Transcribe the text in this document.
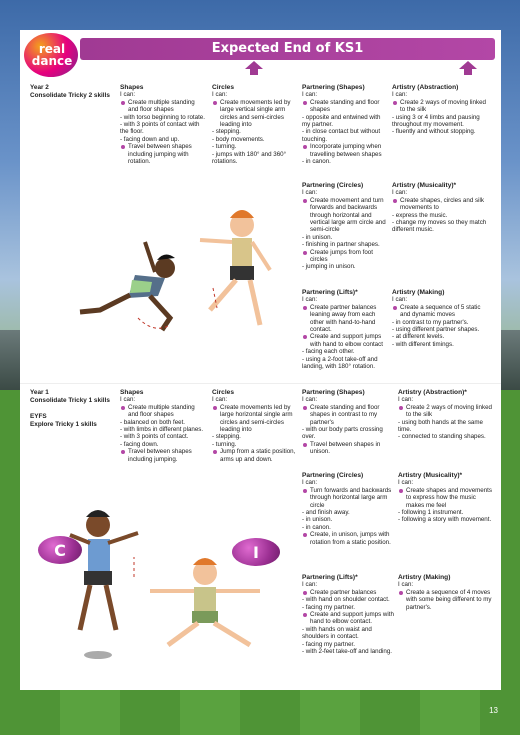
real
dance
Expected End of KS1
Year 2
Consolidate Tricky 2 skills
Shapes
I can:
Create multiple standing and floor shapes
- with torso beginning to rotate.
- with 3 points of contact with the floor.
- facing down and up.
Travel between shapes including jumping with rotation.
Circles
I can:
Create movements led by large vertical single arm circles and semi-circles leading into
- stepping.
- body movements.
- turning.
- jumps with 180° and 360° rotations.
Partnering (Shapes)
I can:
Create standing and floor shapes
- opposite and entwined with my partner.
- in close contact but without touching.
Incorporate jumping when travelling between shapes
- in canon.
Artistry (Abstraction)
I can:
Create 2 ways of moving linked to the silk
- using 3 or 4 limbs and pausing throughout my movement.
- fluently and without stopping.
Partnering (Circles)
I can:
Create movement and turn forwards and backwards through horizontal and vertical large arm circle and semi-circle
- in unison.
- finishing in partner shapes.
Create jumps from foot circles
- jumping in unison.
Artistry (Musicality)*
I can:
Create shapes, circles and silk movements to
- express the music.
- change my moves so they match different music.
Partnering (Lifts)*
I can:
Create partner balances leaning away from each other with hand-to-hand contact.
Create and support jumps with hand to elbow contact
- facing each other.
- using a 2-foot take-off and landing, with 180° rotation.
Artistry (Making)
I can:
Create a sequence of 5 static and dynamic moves
- in contrast to my partner's.
- using different partner shapes.
- at different levels.
- with different timings.
Year 1
Consolidate Tricky 1 skills
EYFS
Explore Tricky 1 skills
Shapes
I can:
Create multiple standing and floor shapes
- balanced on both feet.
- with limbs in different planes.
- with 3 points of contact.
- facing down.
Travel between shapes including jumping.
Circles
I can:
Create movements led by large horizontal single arm circles and semi-circles leading into
- stepping.
- turning.
Jump from a static position, arms up and down.
Partnering (Shapes)
I can:
Create standing and floor shapes in contrast to my partner's
- with our body parts crossing over.
Travel between shapes in unison.
Artistry (Abstraction)*
I can:
Create 2 ways of moving linked to the silk
- using both hands at the same time.
- connected to standing shapes.
Partnering (Circles)
I can:
Turn forwards and backwards through horizontal large arm circle
- and finish away.
- in unison.
- in canon.
Create, in unison, jumps with rotation from a static position.
Artistry (Musicality)*
I can:
Create shapes and movements to express how the music makes me feel
- following 1 instrument.
- following a story with movement.
Partnering (Lifts)*
I can:
Create partner balances
- with hand on shoulder contact.
- facing my partner.
Create and support jumps with hand to elbow contact.
- with hands on waist and shoulders in contact.
- facing my partner.
- with 2-feet take-off and landing.
Artistry (Making)
I can:
Create a sequence of 4 moves with some being different to my partner's.
C	I
13
